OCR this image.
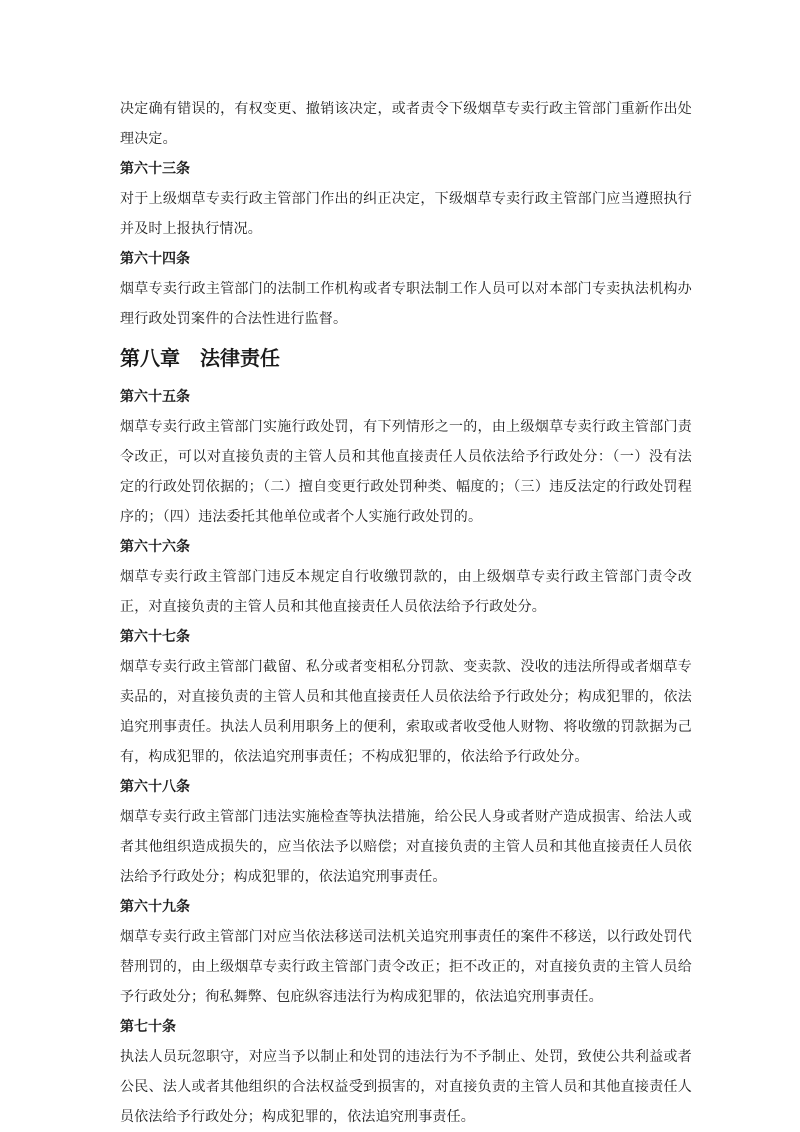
决定确有错误的，有权变更、撤销该决定，或者责令下级烟草专卖行政主管部门重新作出处理决定。

第六十三条

对于上级烟草专卖行政主管部门作出的纠正决定，下级烟草专卖行政主管部门应当遵照执行并及时上报执行情况。

第六十四条

烟草专卖行政主管部门的法制工作机构或者专职法制工作人员可以对本部门专卖执法机构办理行政处罚案件的合法性进行监督。

第八章　法律责任

第六十五条

烟草专卖行政主管部门实施行政处罚，有下列情形之一的，由上级烟草专卖行政主管部门责令改正，可以对直接负责的主管人员和其他直接责任人员依法给予行政处分：（一）没有法定的行政处罚依据的；（二）擅自变更行政处罚种类、幅度的；（三）违反法定的行政处罚程序的；（四）违法委托其他单位或者个人实施行政处罚的。

第六十六条

烟草专卖行政主管部门违反本规定自行收缴罚款的，由上级烟草专卖行政主管部门责令改正，对直接负责的主管人员和其他直接责任人员依法给予行政处分。

第六十七条

烟草专卖行政主管部门截留、私分或者变相私分罚款、变卖款、没收的违法所得或者烟草专卖品的，对直接负责的主管人员和其他直接责任人员依法给予行政处分；构成犯罪的，依法追究刑事责任。执法人员利用职务上的便利，索取或者收受他人财物、将收缴的罚款据为己有，构成犯罪的，依法追究刑事责任；不构成犯罪的，依法给予行政处分。

第六十八条

烟草专卖行政主管部门违法实施检查等执法措施，给公民人身或者财产造成损害、给法人或者其他组织造成损失的，应当依法予以赔偿；对直接负责的主管人员和其他直接责任人员依法给予行政处分；构成犯罪的，依法追究刑事责任。

第六十九条

烟草专卖行政主管部门对应当依法移送司法机关追究刑事责任的案件不移送，以行政处罚代替刑罚的，由上级烟草专卖行政主管部门责令改正；拒不改正的，对直接负责的主管人员给予行政处分；徇私舞弊、包庇纵容违法行为构成犯罪的，依法追究刑事责任。

第七十条

执法人员玩忽职守，对应当予以制止和处罚的违法行为不予制止、处罚，致使公共利益或者公民、法人或者其他组织的合法权益受到损害的，对直接负责的主管人员和其他直接责任人员依法给予行政处分；构成犯罪的，依法追究刑事责任。
